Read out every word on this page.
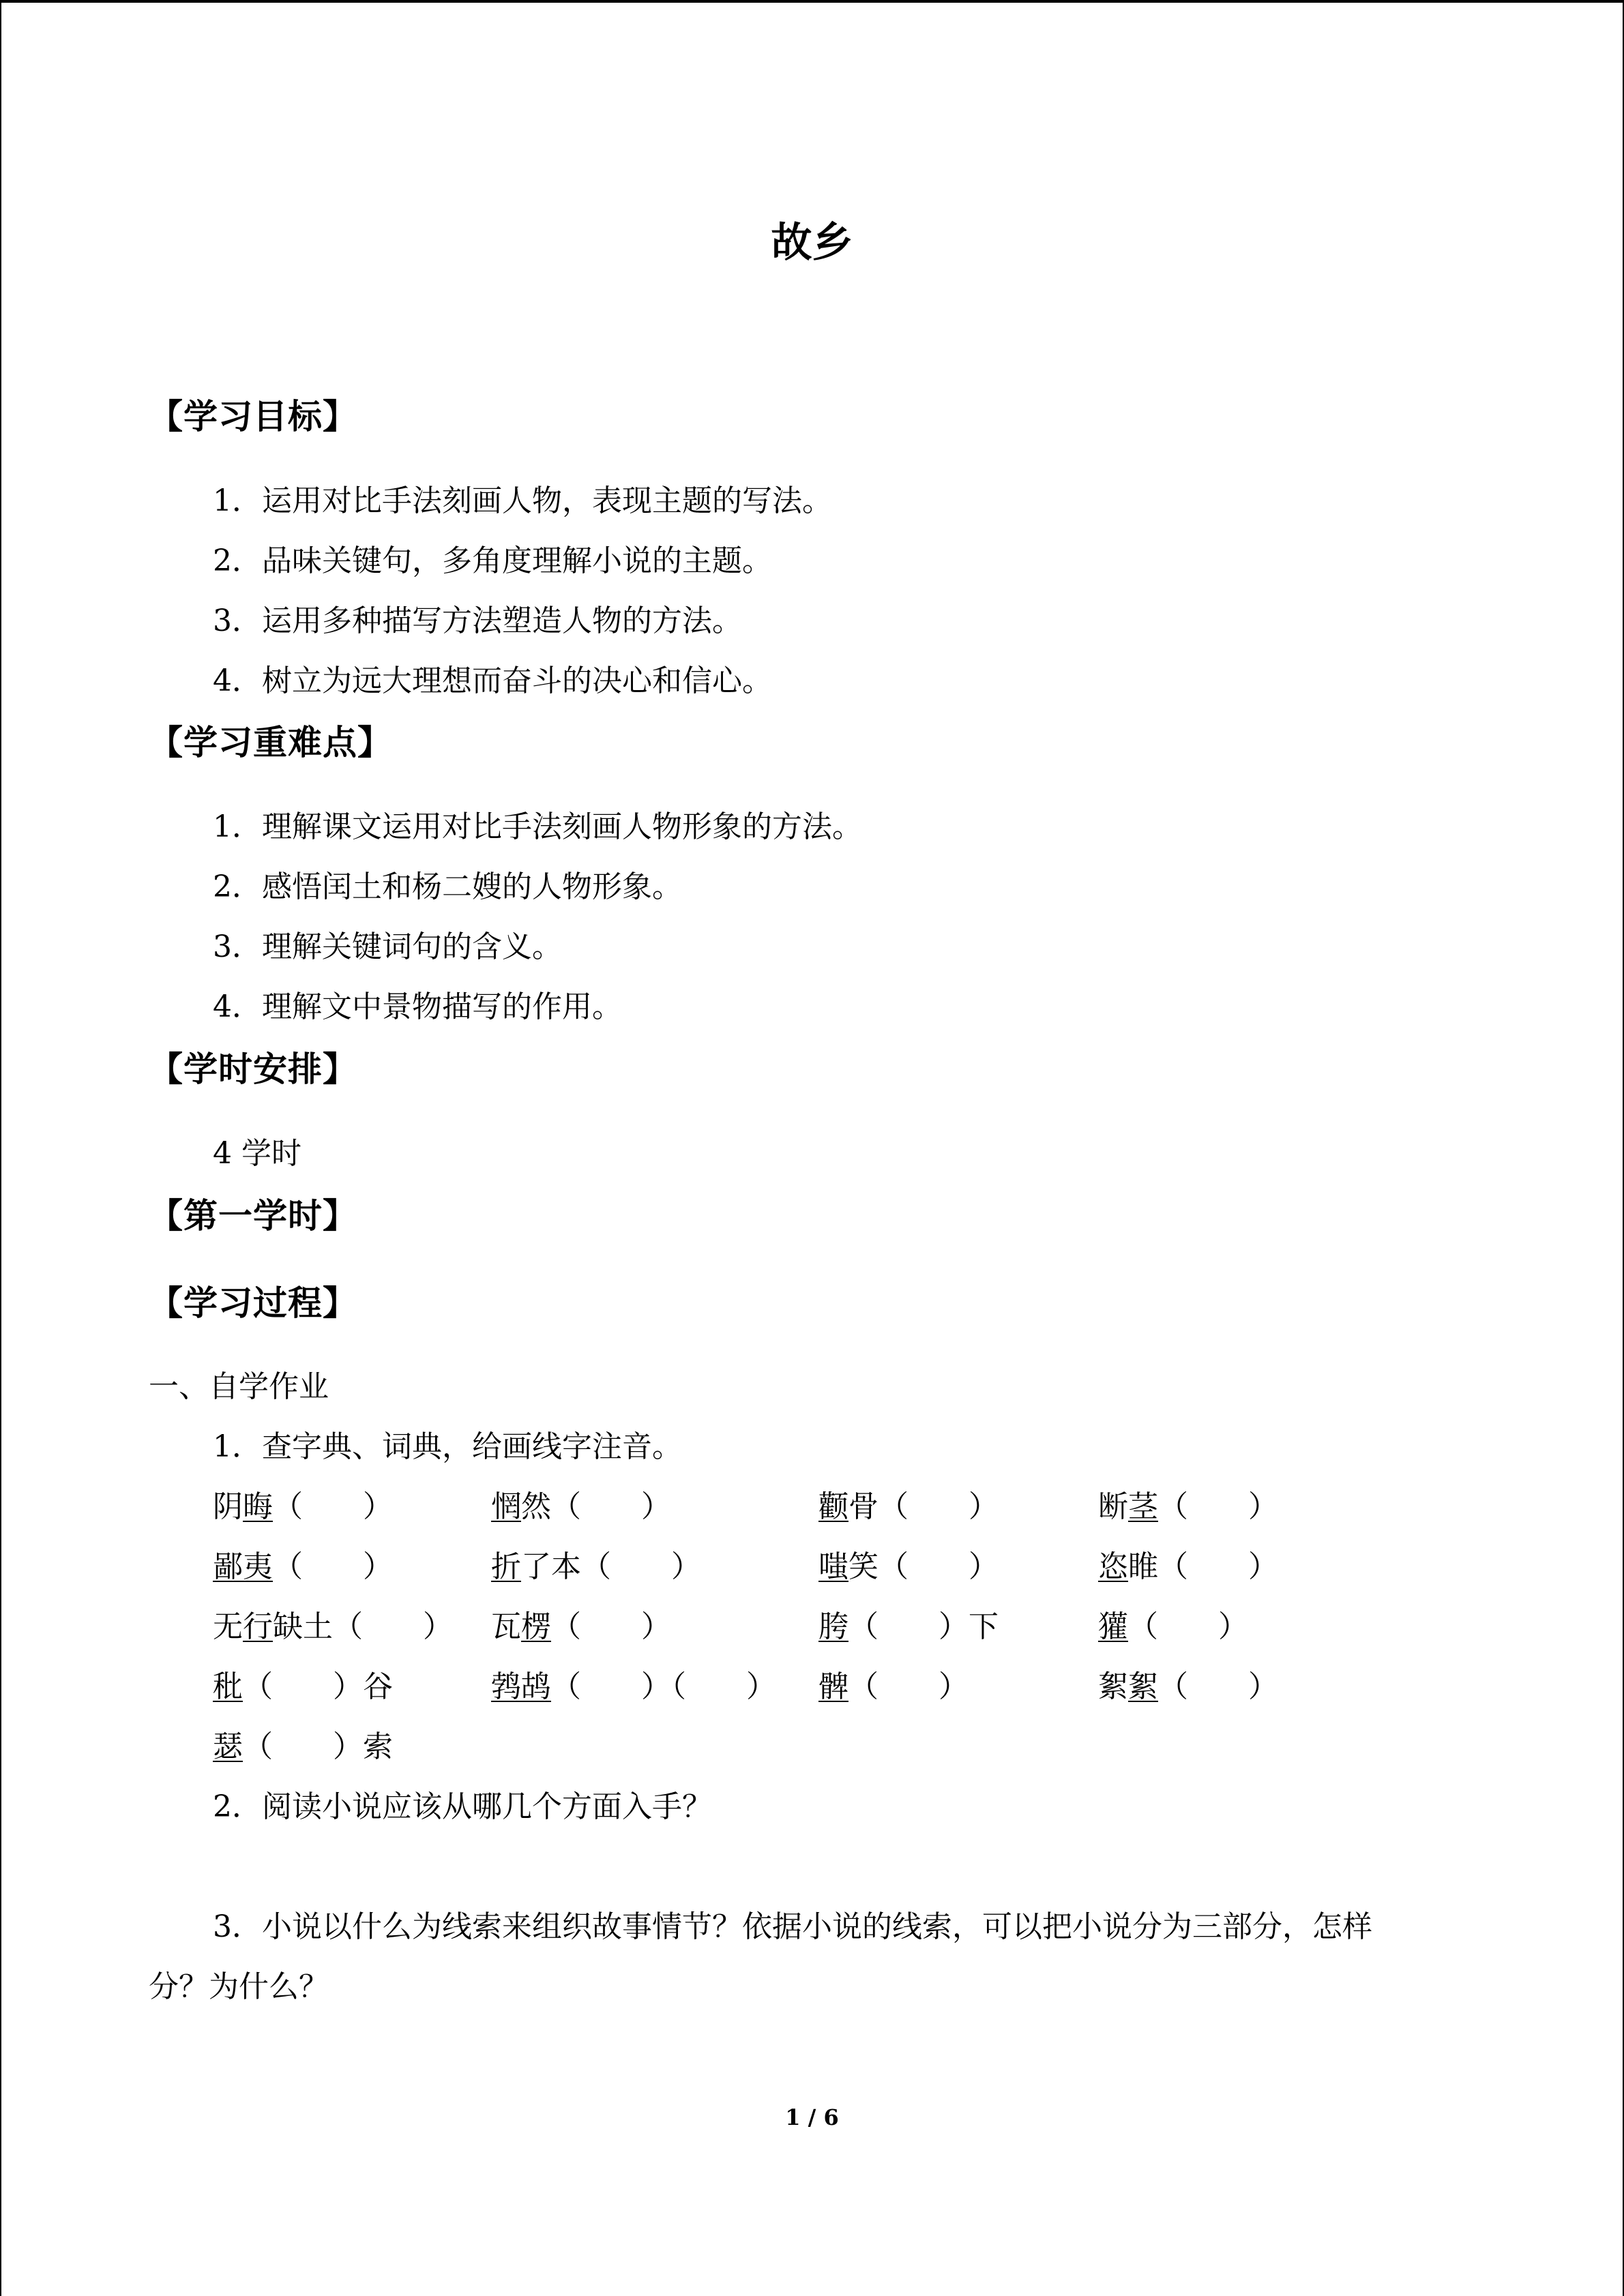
故乡
【学习目标】
1．运用对比手法刻画人物，表现主题的写法。
2．品味关键句，多角度理解小说的主题。
3．运用多种描写方法塑造人物的方法。
4．树立为远大理想而奋斗的决心和信心。
【学习重难点】
1．理解课文运用对比手法刻画人物形象的方法。
2．感悟闰土和杨二嫂的人物形象。
3．理解关键词句的含义。
4．理解文中景物描写的作用。
【学时安排】
4 学时
【第一学时】
【学习过程】
一、自学作业
1．查字典、词典，给画线字注音。
阴晦（　　）	惘然（　　）	颧骨（　　）	断茎（　　）
鄙夷（　　）	折了本（　　）	嗤笑（　　）	恣睢（　　）
无行缺土（　　） 瓦楞（　　）	胯（　　）下	獾（　　）
秕（　　）谷	鹁鸪（　　）（　　） 髀（　　）	絮絮（　　）
瑟（　　）索
2．阅读小说应该从哪几个方面入手？
3．小说以什么为线索来组织故事情节？依据小说的线索，可以把小说分为三部分，怎样
分？为什么？
1 / 6
